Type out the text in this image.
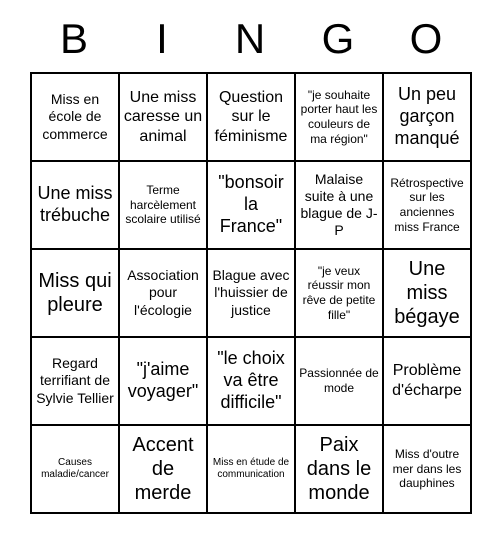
B	I	N	G	O
Miss en école de commerce
Une miss caresse un animal
Question sur le féminisme
"je souhaite porter haut les couleurs de ma région"
Un peu garçon manqué
Une miss trébuche
Terme harcèlement scolaire utilisé
"bonsoir la France"
Malaise suite à une blague de J-P
Rétrospective sur les anciennes miss France
Miss qui pleure
Association pour l'écologie
Blague avec l'huissier de justice
"je veux réussir mon rêve de petite fille"
Une miss bégaye
Regard terrifiant de Sylvie Tellier
"j'aime voyager"
"le choix va être difficile"
Passionnée de mode
Problème d'écharpe
Causes maladie/cancer
Accent de merde
Miss en étude de communication
Paix dans le monde
Miss d'outre mer dans les dauphines
